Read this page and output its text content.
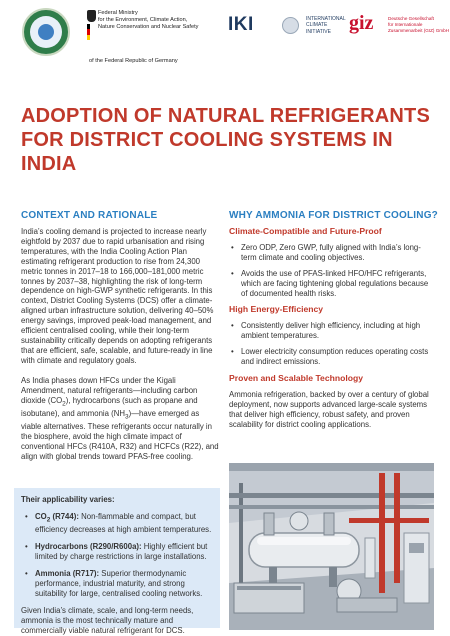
Federal Ministry
for the Environment, Climate Action,
Nature Conservation and Nuclear Safety	IKI	INTERNATIONAL
CLIMATE
INITIATIVE giz	Deutsche Gesellschaft
für Internationale
Zusammenarbeit (GIZ) GmbH
of the Federal Republic of Germany
ADOPTION OF NATURAL REFRIGERANTS FOR DISTRICT COOLING SYSTEMS IN INDIA
CONTEXT AND RATIONALE

India’s cooling demand is projected to increase nearly eightfold by 2037 due to rapid urbanisation and rising temperatures, with the India Cooling Action Plan estimating refrigerant production to rise from 24,300 metric tonnes in 2017–18 to 166,000–181,000 metric tonnes by 2037–38, highlighting the risk of long-term dependence on high-GWP synthetic refrigerants. In this context, District Cooling Systems (DCS) offer a climate-aligned urban infrastructure solution, delivering 40–50% energy savings, improved peak-load management, and efficient centralised cooling, while their long-term sustainability critically depends on adopting refrigerants that are efficient, safe, scalable, and future-ready in line with climate and regulatory goals.

As India phases down HFCs under the Kigali Amendment, natural refrigerants—including carbon dioxide $(CO_2)$, hydrocarbons (such as propane and isobutane), and ammonia $(NH_3)—have$ emerged as viable alternatives. These refrigerants occur naturally in the biosphere, avoid the high climate impact of conventional HFCs (R410A, R32) and HCFCs (R22), and align with global trends toward PFAS-free cooling.

Their applicability varies:
• $CO_2$ (R744): Non-flammable and compact, but efficiency decreases at high ambient temperatures.
• Hydrocarbons (R290/R600a): Highly efficient but limited by charge restrictions in large installations.
• Ammonia (R717): Superior thermodynamic performance, industrial maturity, and strong suitability for large, centralised cooling networks.
Given India’s climate, scale, and long-term needs, ammonia is the most technically mature and commercially viable natural refrigerant for DCS.
WHY AMMONIA FOR DISTRICT COOLING?
Climate-Compatible and Future-Proof
• Zero ODP, Zero GWP, fully aligned with India’s long-term climate and cooling objectives.
• Avoids the use of PFAS-linked HFO/HFC refrigerants, which are facing tightening global regulations because of documented health risks.
High Energy-Efficiency
• Consistently deliver high efficiency, including at high ambient temperatures.
• Lower electricity consumption reduces operating costs and indirect emissions.
Proven and Scalable Technology
Ammonia refrigeration, backed by over a century of global deployment, now supports advanced large-scale systems that deliver high efficiency, robust safety, and proven scalability for district cooling applications.
